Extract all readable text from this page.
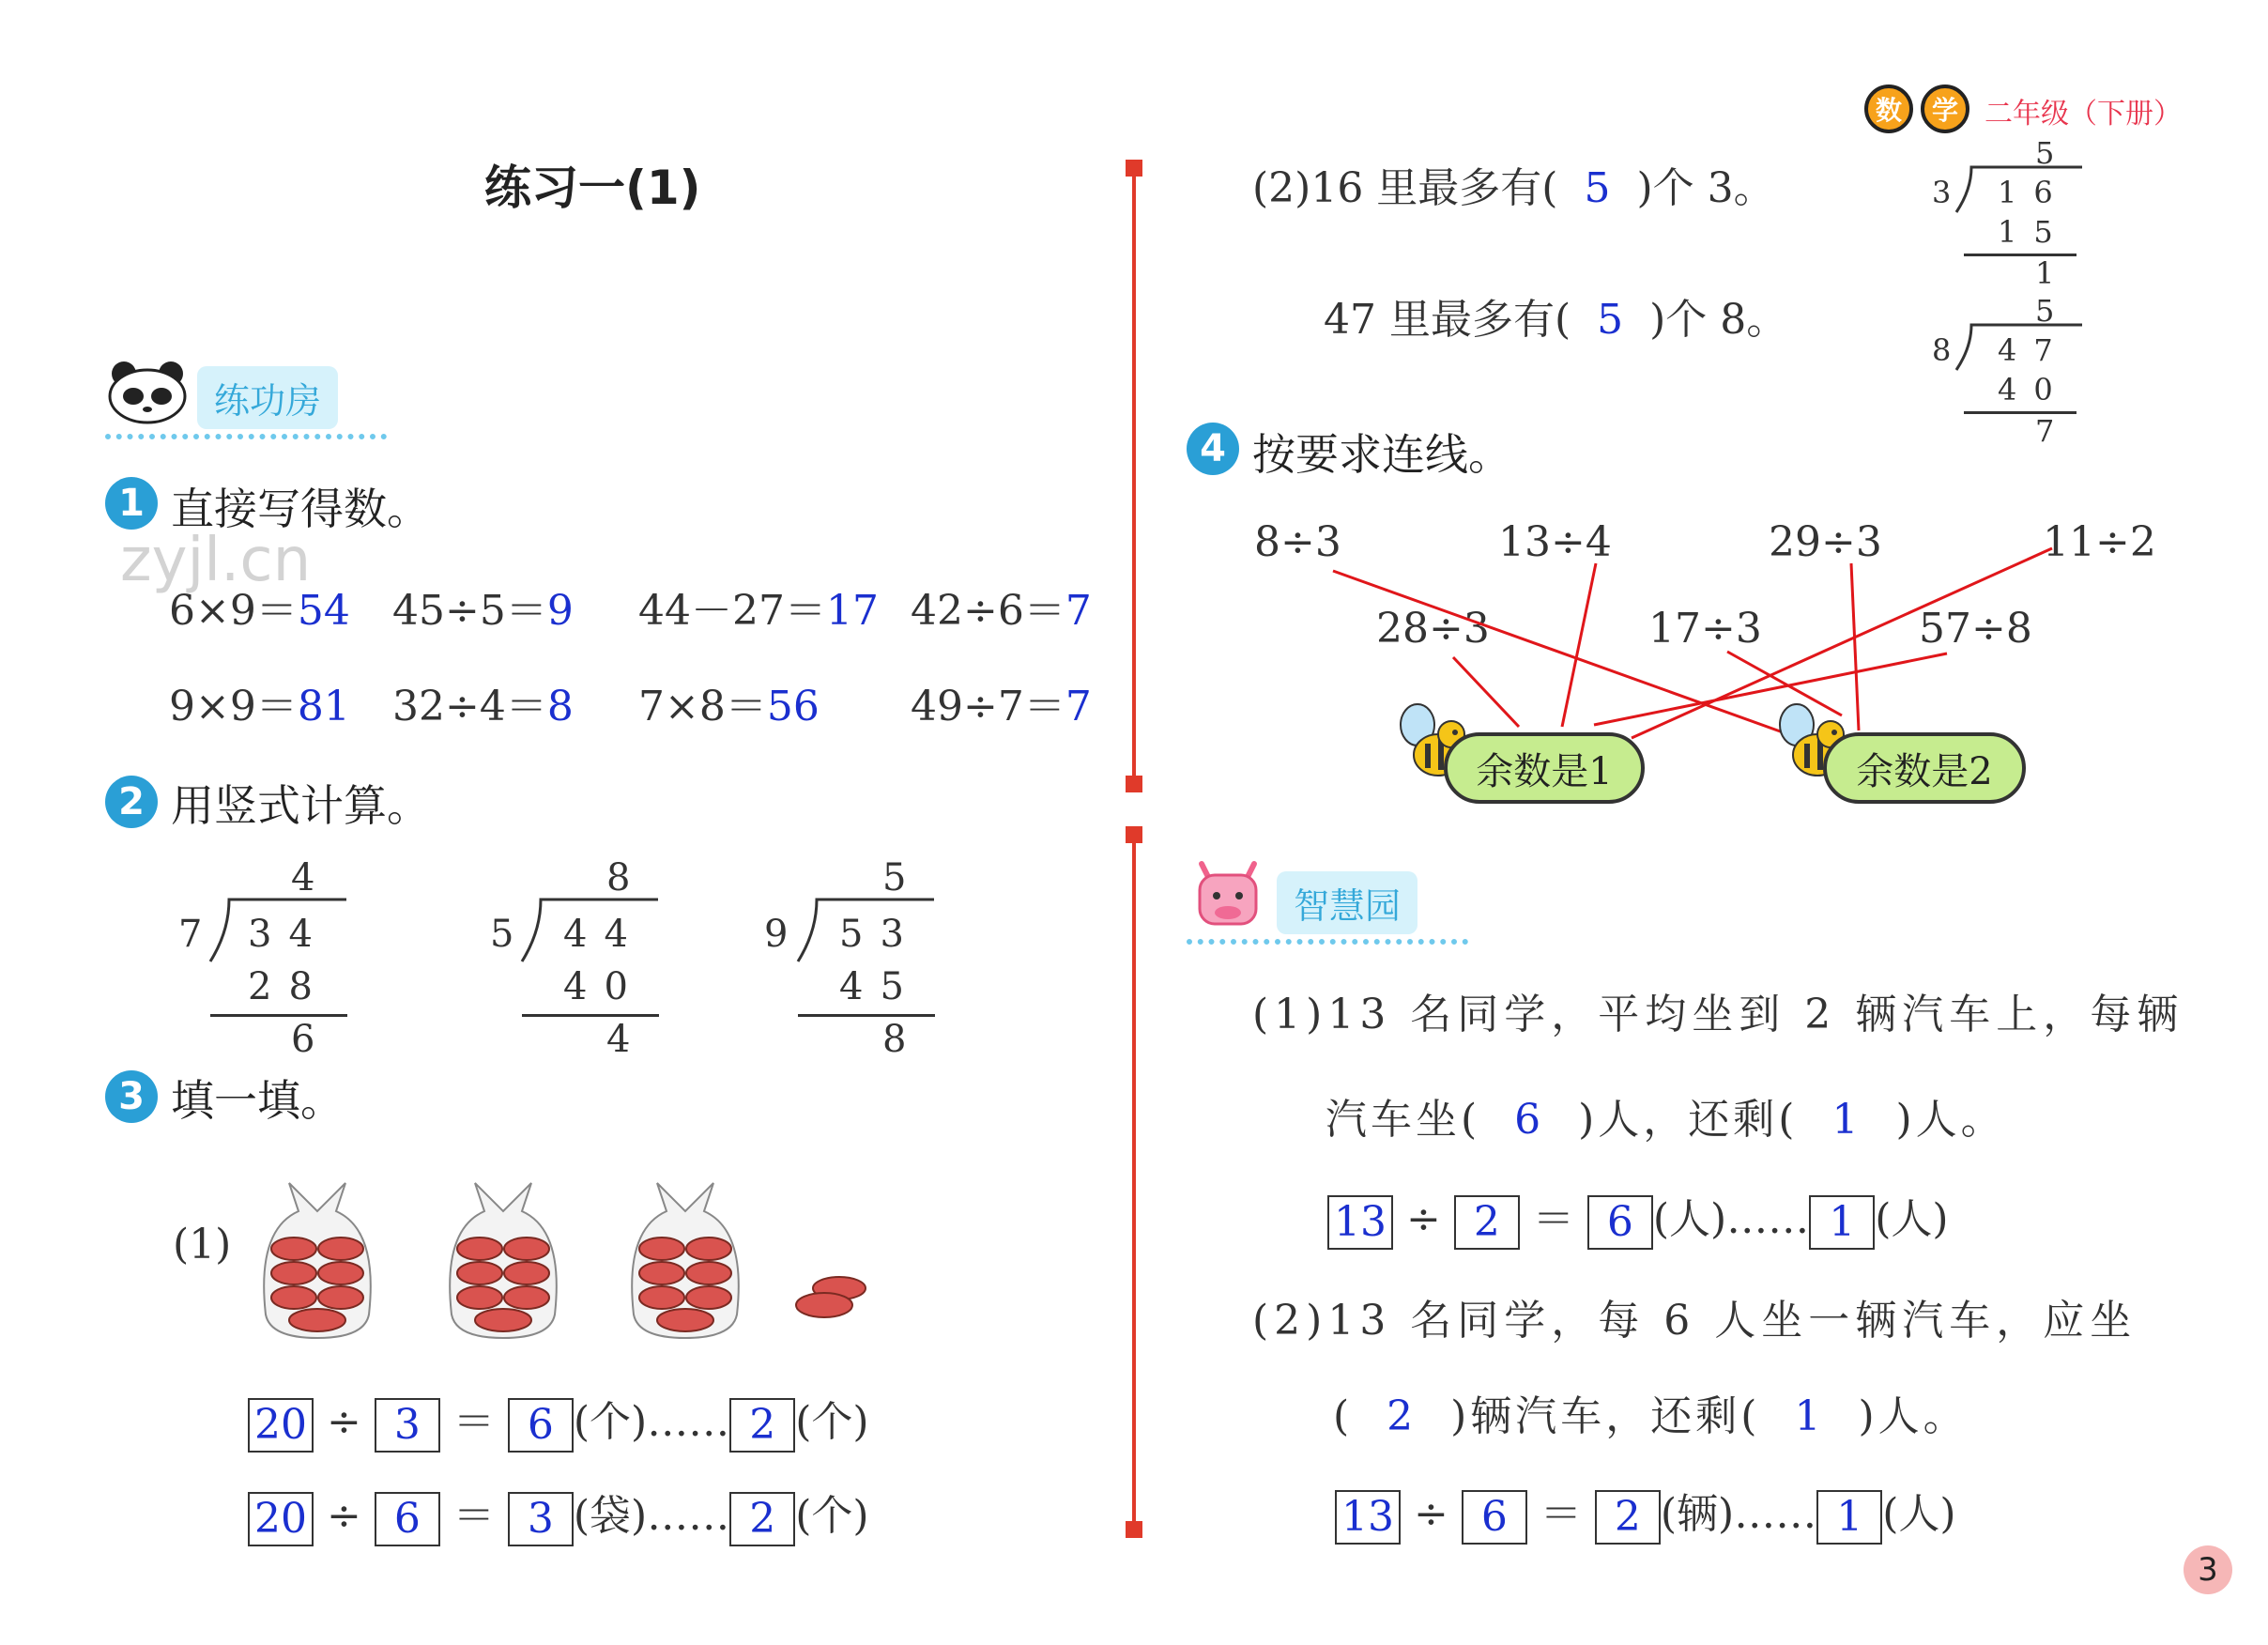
数	学 二年级（下册）
练习一(1)
练功房
1 直接写得数。
zyjl.cn
6×9＝54 45÷5＝9 44－27＝17 42÷6＝7
9×9＝81 32÷4＝8 7×8＝56 49÷7＝7
2 用竖式计算。
4
7 34
28
6
8
5 44
40
4
5
9 53
45
8
3 填一填。
(1)
20 ÷ 3 ＝ 6 (个)…… 2 (个)
20 ÷ 6 ＝ 3 (袋)…… 2 (个)
(2)16 里最多有( 5 )个 3。
47 里最多有( 5 )个 8。
5
3 16
15
1
5
8 47
40
7
4 按要求连线。
8÷3	13÷4	29÷3	11÷2
28÷3	17÷3	57÷8
余数是1	余数是2
智慧园
(1)13 名同学，平均坐到 2 辆汽车上，每辆
汽车坐( 6 )人，还剩( 1 )人。
13 ÷ 2 ＝ 6 (人)…… 1 (人)
(2)13 名同学，每 6 人坐一辆汽车，应坐
( 2 )辆汽车，还剩( 1 )人。
13 ÷ 6 ＝ 2 (辆)…… 1 (人)
3
